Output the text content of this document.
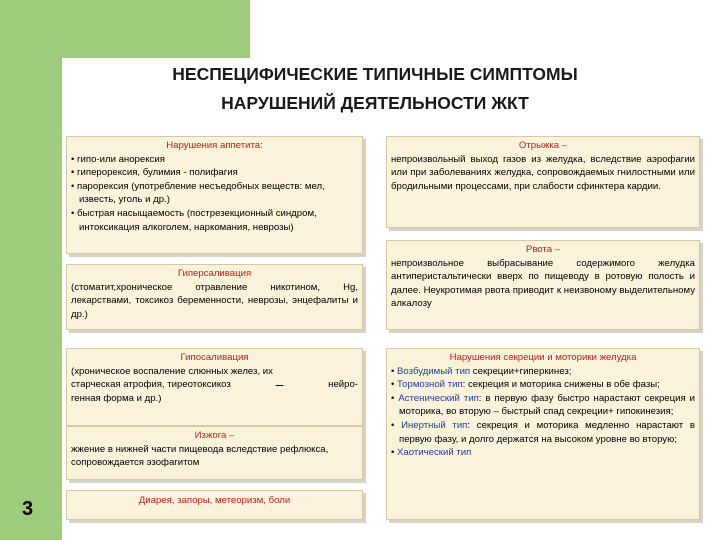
НЕСПЕЦИФИЧЕСКИЕ ТИПИЧНЫЕ СИМПТОМЫ
НАРУШЕНИЙ ДЕЯТЕЛЬНОСТИ ЖКТ
Нарушения аппетита:
• гипо-или анорексия
• гиперорексия, булимия - полифагия
• парорексия (употребление несъедобных веществ: мел, известь, уголь и др.)
• быстрая насыщаемость (пострезекционный синдром, интоксикация алкоголем, наркомания, неврозы)
Гиперсаливация
(стоматит,хроническое отравление никотином, Hg, лекарствами, токсикоз беременности, неврозы, энцефалиты и др.)
Гипосаливация
(хроническое воспаление слюнных желез, их
старческая атрофия, тиреотоксикоз	–	нейро-
генная форма и др.)
Изжога –
жжение в нижней части пищевода вследствие рефлюкса, сопровождается эзофагитом
Диарея, запоры, метеоризм, боли
Отрыжка –
непроизвольный выход газов из желудка, вследствие аэрофагии или при заболеваниях желудка, сопровождаемых гнилостными или бродильными процессами, при слабости сфинктера кардии.
Рвота –
непроизвольное выбрасывание содержимого желудка антиперистальтически вверх по пищеводу в ротовую полость и далее. Неукротимая рвота приводит к неизвоному выделительному алкалозу
Нарушения секреции и моторики желудка
• Возбудимый тип секреции+гиперкинез;
• Тормозной тип: секреция и моторика снижены в обе фазы;
• Астенический тип: в первую фазу быстро нарастают секреция и моторика, во вторую – быстрый спад секреции+ гипокинезия;
• Инертный тип: секреция и моторика медленно нарастают в первую фазу, и долго держатся на высоком уровне во вторую;
• Хаотический тип
3
